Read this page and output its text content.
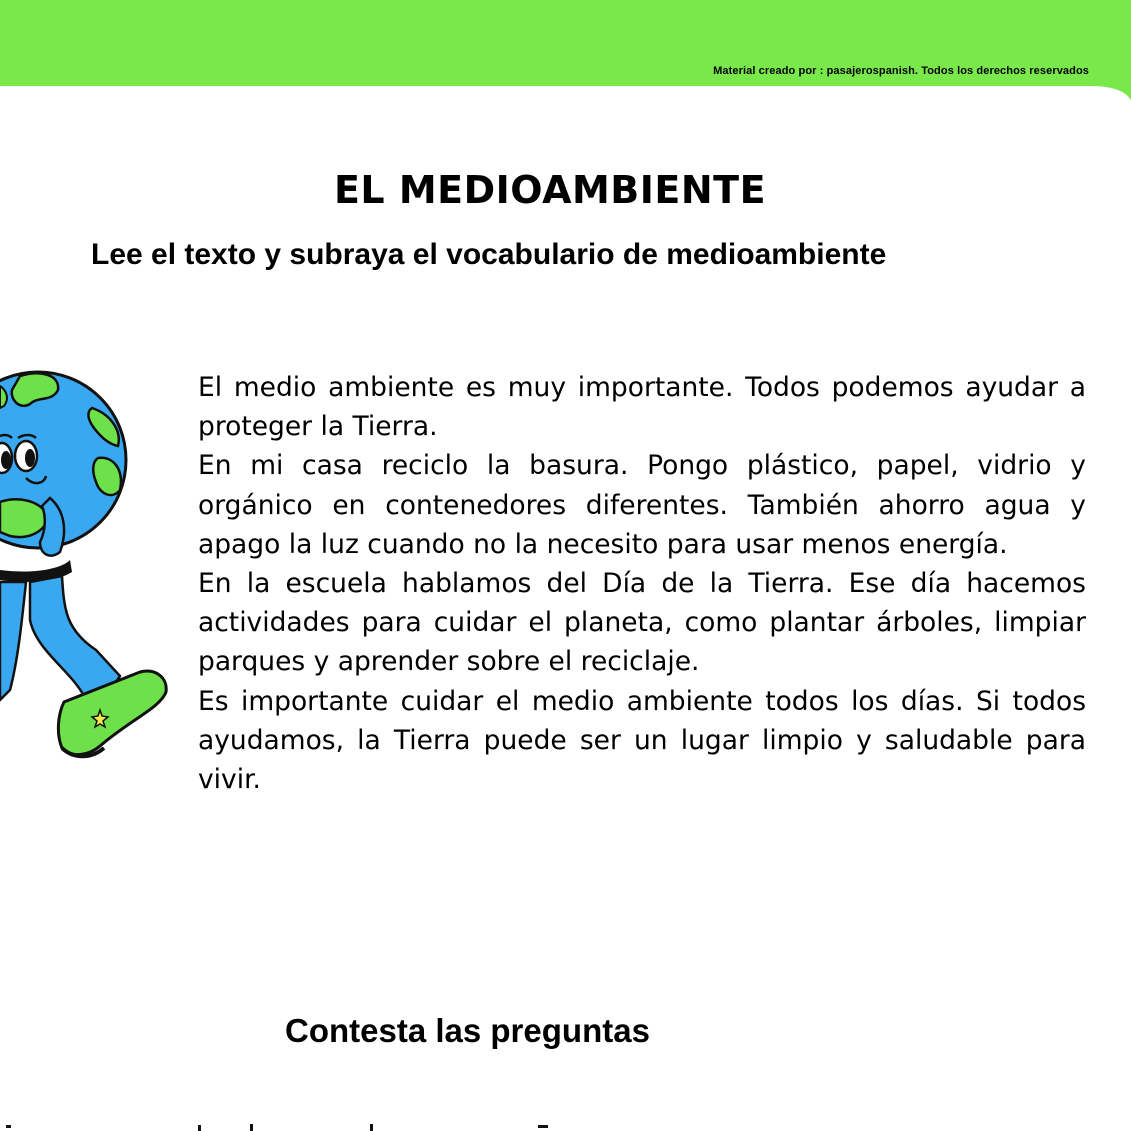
Material creado por : pasajerospanish. Todos los derechos reservados
EL MEDIOAMBIENTE
Lee el texto y subraya el vocabulario de medioambiente

El medio ambiente es muy importante. Todos podemos ayudar a proteger la Tierra.

En mi casa reciclo la basura. Pongo plástico, papel, vidrio y orgánico en contenedores diferentes. También ahorro agua y apago la luz cuando no la necesito para usar menos energía.

En la escuela hablamos del Día de la Tierra. Ese día hacemos actividades para cuidar el planeta, como plantar árboles, limpiar parques y aprender sobre el reciclaje.

Es importante cuidar el medio ambiente todos los días. Si todos ayudamos, la Tierra puede ser un lugar limpio y saludable para vivir.

Contesta las preguntas
